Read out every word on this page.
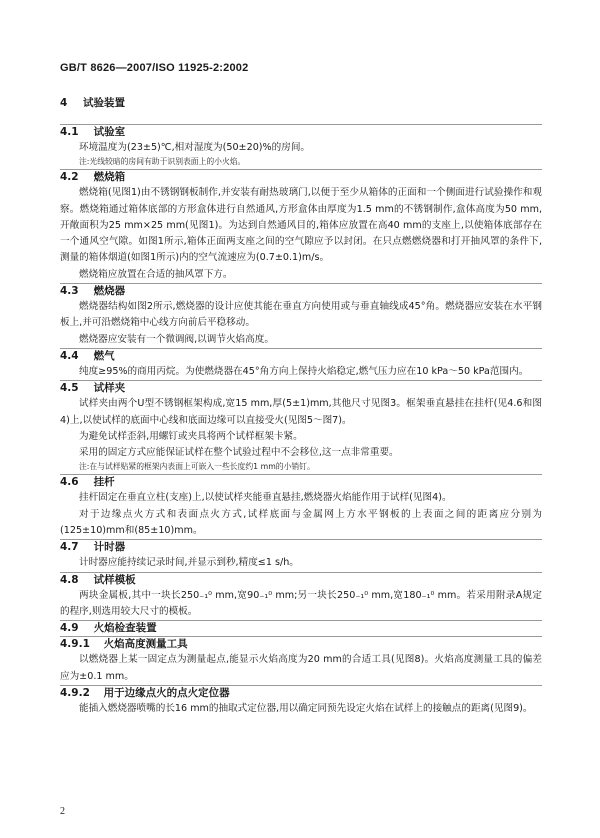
GB/T 8626—2007/ISO 11925-2:2002
4 试验装置
4.1 试验室

环境温度为(23±5)℃,相对湿度为(50±20)%的房间。

注:光线较暗的房间有助于识别表面上的小火焰。
4.2 燃烧箱

燃烧箱(见图1)由不锈钢钢板制作,并安装有耐热玻璃门,以便于至少从箱体的正面和一个侧面进行试验操作和观察。燃烧箱通过箱体底部的方形盒体进行自然通风,方形盒体由厚度为1.5 mm的不锈钢制作,盒体高度为50 mm,开敞面积为25 mm×25 mm(见图1)。为达到自然通风目的,箱体应放置在高40 mm的支座上,以使箱体底部存在一个通风空气隙。如图1所示,箱体正面两支座之间的空气隙应予以封闭。在只点燃燃烧器和打开抽风罩的条件下,测量的箱体烟道(如图1所示)内的空气流速应为(0.7±0.1)m/s。

燃烧箱应放置在合适的抽风罩下方。

4.3 燃烧器

燃烧器结构如图2所示,燃烧器的设计应使其能在垂直方向使用或与垂直轴线成45°角。燃烧器应安装在水平钢板上,并可沿燃烧箱中心线方向前后平稳移动。

燃烧器应安装有一个微调阀,以调节火焰高度。

4.4 燃气

纯度≥95%的商用丙烷。为使燃烧器在45°角方向上保持火焰稳定,燃气压力应在10 kPa～50 kPa范围内。

4.5 试样夹

试样夹由两个U型不锈钢框架构成,宽15 mm,厚(5±1)mm,其他尺寸见图3。框架垂直悬挂在挂杆(见4.6和图4)上,以使试样的底面中心线和底面边缘可以直接受火(见图5～图7)。

为避免试样歪斜,用螺钉或夹具将两个试样框架卡紧。

采用的固定方式应能保证试样在整个试验过程中不会移位,这一点非常重要。

注:在与试样贴紧的框架内表面上可嵌入一些长度约1 mm的小销钉。
4.6 挂杆

挂杆固定在垂直立柱(支座)上,以使试样夹能垂直悬挂,燃烧器火焰能作用于试样(见图4)。

对于边缘点火方式和表面点火方式,试样底面与金属网上方水平钢板的上表面之间的距离应分别为(125±10)mm和(85±10)mm。

4.7 计时器

计时器应能持续记录时间,并显示到秒,精度≤1 s/h。

4.8 试样模板

两块金属板,其中一块长250₋₁⁰ mm,宽90₋₁⁰ mm;另一块长250₋₁⁰ mm,宽180₋₁⁰ mm。若采用附录A规定的程序,则选用较大尺寸的模板。

4.9 火焰检查装置
4.9.1 火焰高度测量工具

以燃烧器上某一固定点为测量起点,能显示火焰高度为20 mm的合适工具(见图8)。火焰高度测量工具的偏差应为±0.1 mm。

4.9.2 用于边缘点火的点火定位器

能插入燃烧器喷嘴的长16 mm的抽取式定位器,用以确定同预先设定火焰在试样上的接触点的距离(见图9)。

2
